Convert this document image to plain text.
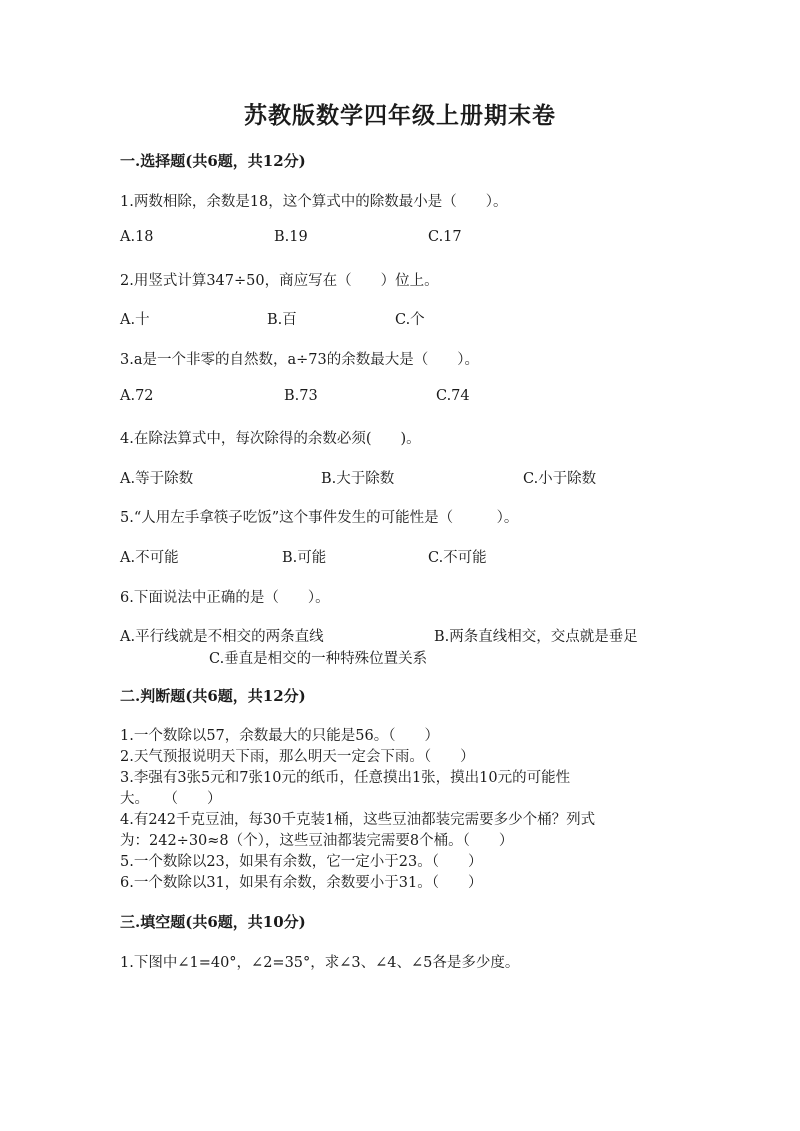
苏教版数学四年级上册期末卷
一.选择题(共6题，共12分)
1.两数相除，余数是18，这个算式中的除数最小是（　　）。
A.18	B.19	C.17
2.用竖式计算347÷50，商应写在（　　）位上。
A.十	B.百	C.个
3.a是一个非零的自然数，a÷73的余数最大是（　　）。
A.72	B.73	C.74
4.在除法算式中，每次除得的余数必须(　　)。
A.等于除数	B.大于除数	C.小于除数
5.“人用左手拿筷子吃饭”这个事件发生的可能性是（　　　）。
A.不可能	B.可能	C.不可能
6.下面说法中正确的是（　　）。
A.平行线就是不相交的两条直线	B.两条直线相交，交点就是垂足
C.垂直是相交的一种特殊位置关系
二.判断题(共6题，共12分)
1.一个数除以57，余数最大的只能是56。（　　）
2.天气预报说明天下雨，那么明天一定会下雨。（　　）
3.李强有3张5元和7张10元的纸币，任意摸出1张，摸出10元的可能性
大。　　（　　）
4.有242千克豆油，每30千克装1桶，这些豆油都装完需要多少个桶？列式
为：242÷30≈8（个），这些豆油都装完需要8个桶。（　　）
5.一个数除以23，如果有余数，它一定小于23。（　　）
6.一个数除以31，如果有余数，余数要小于31。（　　）
三.填空题(共6题，共10分)
1.下图中∠1=40°，∠2=35°，求∠3、∠4、∠5各是多少度。
